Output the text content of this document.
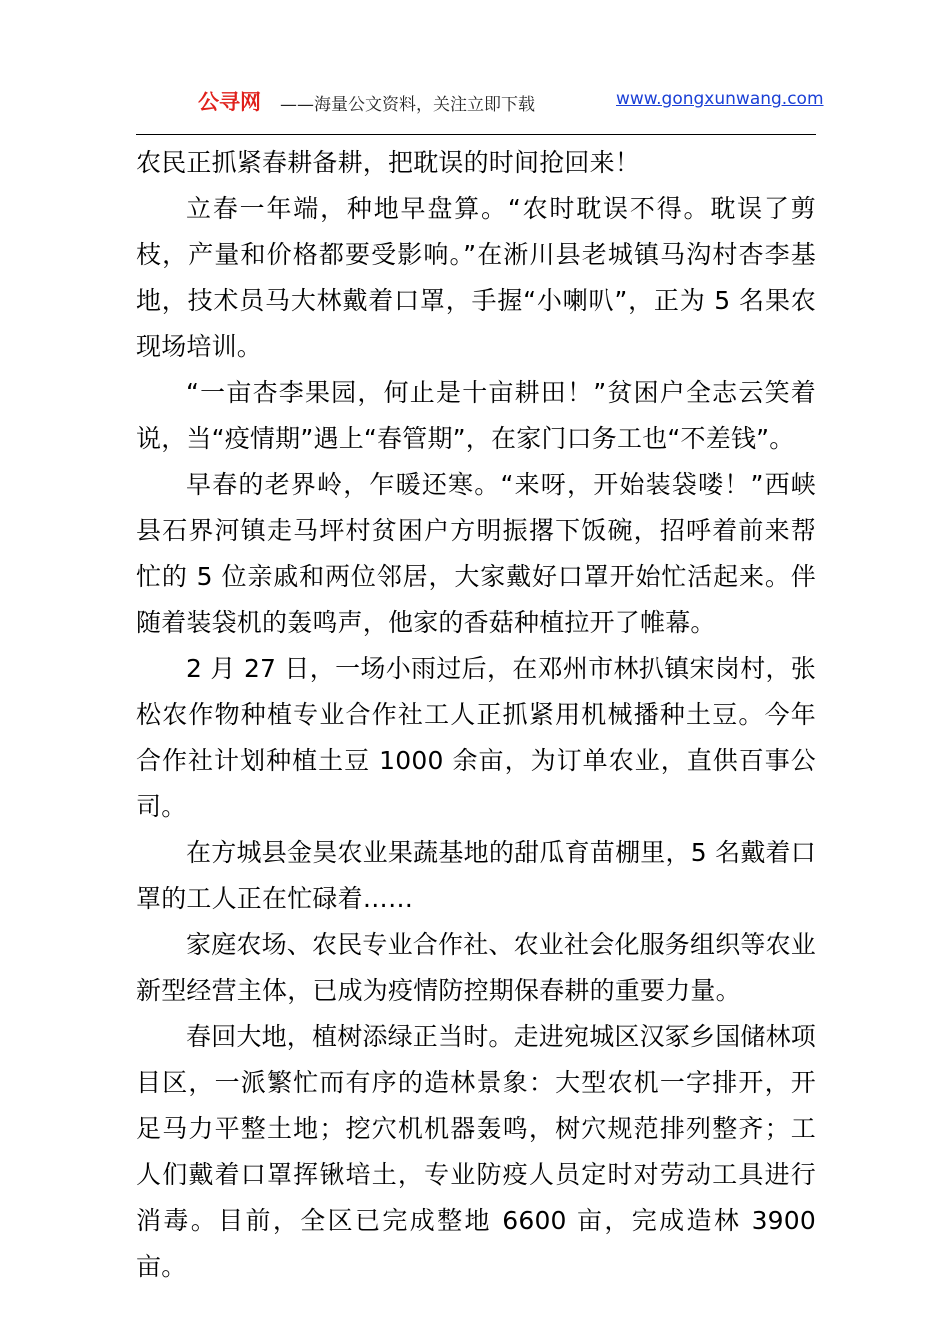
公寻网 ——海量公文资料，关注立即下载	www.gongxunwang.com

农民正抓紧春耕备耕，把耽误的时间抢回来！

立春一年端，种地早盘算。“农时耽误不得。耽误了剪枝，产量和价格都要受影响。”在淅川县老城镇马沟村杏李基地，技术员马大林戴着口罩，手握“小喇叭”，正为 5 名果农现场培训。

“一亩杏李果园，何止是十亩耕田！”贫困户全志云笑着说，当“疫情期”遇上“春管期”，在家门口务工也“不差钱”。

早春的老界岭，乍暖还寒。“来呀，开始装袋喽！”西峡县石界河镇走马坪村贫困户方明振撂下饭碗，招呼着前来帮忙的 5 位亲戚和两位邻居，大家戴好口罩开始忙活起来。伴随着装袋机的轰鸣声，他家的香菇种植拉开了帷幕。

2 月 27 日，一场小雨过后，在邓州市林扒镇宋岗村，张松农作物种植专业合作社工人正抓紧用机械播种土豆。今年合作社计划种植土豆 1000 余亩，为订单农业，直供百事公司。

在方城县金昊农业果蔬基地的甜瓜育苗棚里，5 名戴着口罩的工人正在忙碌着……

家庭农场、农民专业合作社、农业社会化服务组织等农业新型经营主体，已成为疫情防控期保春耕的重要力量。

春回大地，植树添绿正当时。走进宛城区汉冢乡国储林项目区，一派繁忙而有序的造林景象：大型农机一字排开，开足马力平整土地；挖穴机机器轰鸣，树穴规范排列整齐；工人们戴着口罩挥锹培土，专业防疫人员定时对劳动工具进行消毒。目前，全区已完成整地 6600 亩，完成造林 3900 亩。
